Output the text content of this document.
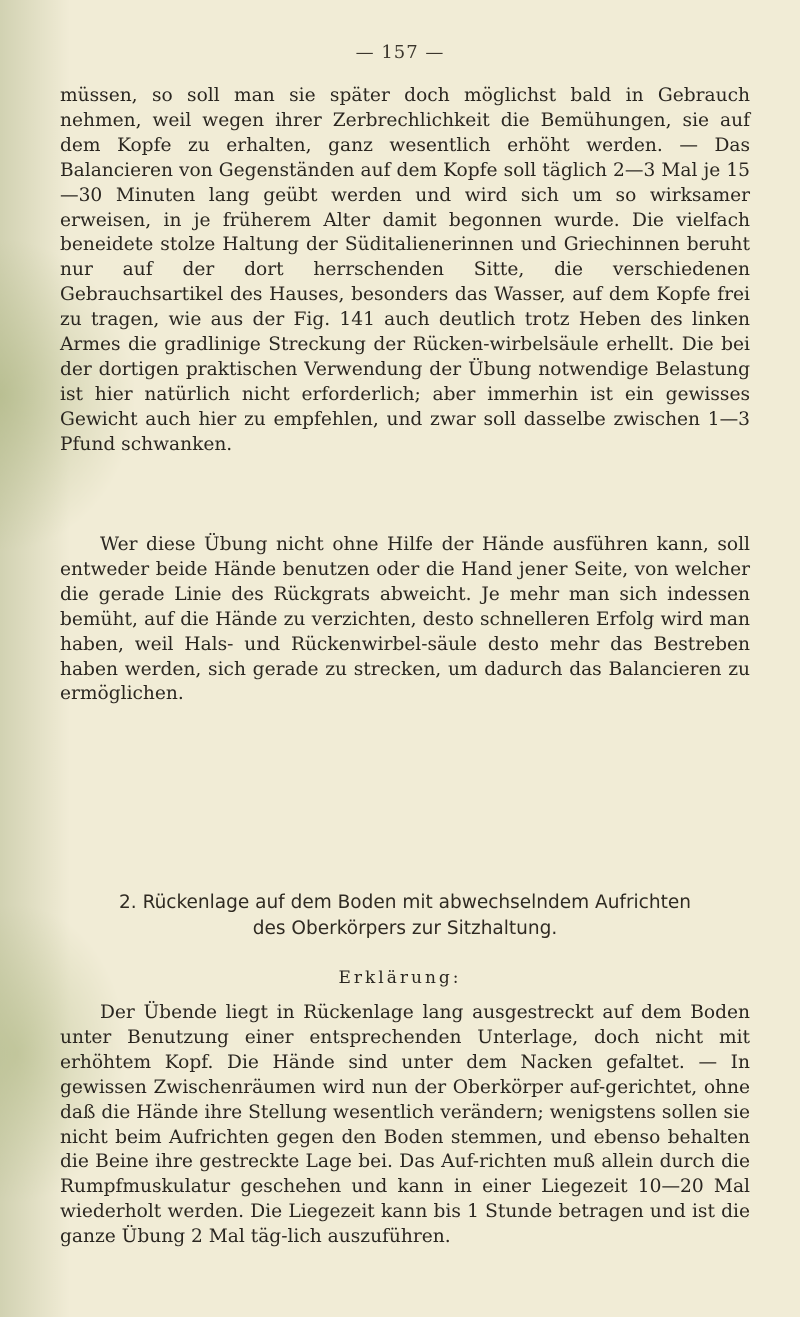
— 157 —

müssen, so soll man sie später doch möglichst bald in Gebrauch nehmen, weil wegen ihrer Zerbrechlichkeit die Bemühungen, sie auf dem Kopfe zu erhalten, ganz wesentlich erhöht werden. — Das Balancieren von Gegenständen auf dem Kopfe soll täglich 2—3 Mal je 15—30 Minuten lang geübt werden und wird sich um so wirksamer erweisen, in je früherem Alter damit begonnen wurde. Die vielfach beneidete stolze Haltung der Süditalienerinnen und Griechinnen beruht nur auf der dort herrschenden Sitte, die verschiedenen Gebrauchsartikel des Hauses, besonders das Wasser, auf dem Kopfe frei zu tragen, wie aus der Fig. 141 auch deutlich trotz Heben des linken Armes die gradlinige Streckung der Rücken-wirbelsäule erhellt. Die bei der dortigen praktischen Verwendung der Übung notwendige Belastung ist hier natürlich nicht erforderlich; aber immerhin ist ein gewisses Gewicht auch hier zu empfehlen, und zwar soll dasselbe zwischen 1—3 Pfund schwanken.

Wer diese Übung nicht ohne Hilfe der Hände ausführen kann, soll entweder beide Hände benutzen oder die Hand jener Seite, von welcher die gerade Linie des Rückgrats abweicht. Je mehr man sich indessen bemüht, auf die Hände zu verzichten, desto schnelleren Erfolg wird man haben, weil Hals- und Rückenwirbel-säule desto mehr das Bestreben haben werden, sich gerade zu strecken, um dadurch das Balancieren zu ermöglichen.

2. Rückenlage auf dem Boden mit abwechselndem Aufrichten
des Oberkörpers zur Sitzhaltung.
Erklärung:

Der Übende liegt in Rückenlage lang ausgestreckt auf dem Boden unter Benutzung einer entsprechenden Unterlage, doch nicht mit erhöhtem Kopf. Die Hände sind unter dem Nacken gefaltet. — In gewissen Zwischenräumen wird nun der Oberkörper auf-gerichtet, ohne daß die Hände ihre Stellung wesentlich verändern; wenigstens sollen sie nicht beim Aufrichten gegen den Boden stemmen, und ebenso behalten die Beine ihre gestreckte Lage bei. Das Auf-richten muß allein durch die Rumpfmuskulatur geschehen und kann in einer Liegezeit 10—20 Mal wiederholt werden. Die Liegezeit kann bis 1 Stunde betragen und ist die ganze Übung 2 Mal täg-lich auszuführen.
